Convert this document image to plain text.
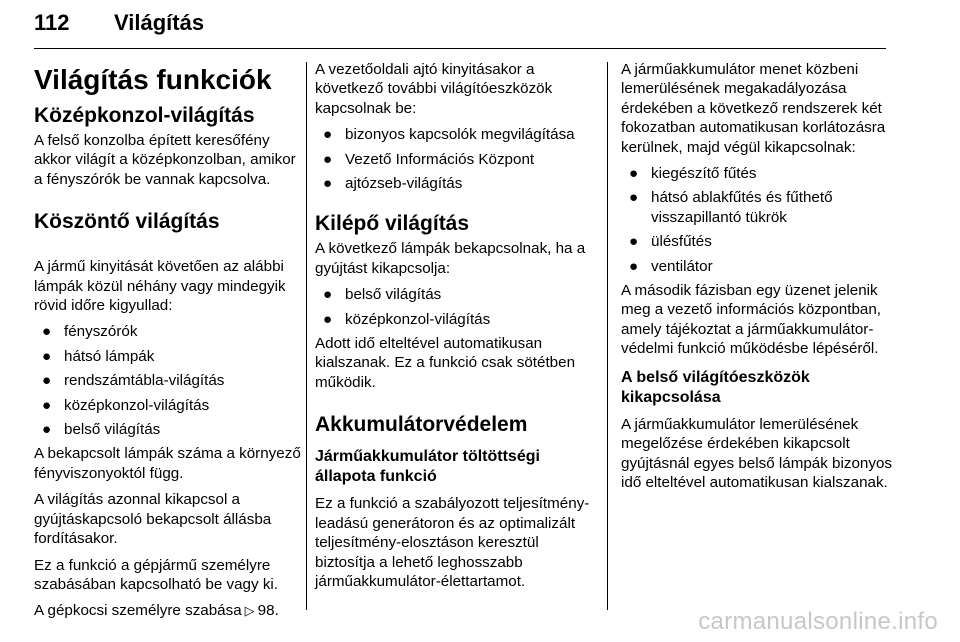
112 Világítás
Világítás funkciók
Középkonzol-világítás

A felső konzolba épített keresőfény akkor világít a középkonzolban, amikor a fényszórók be vannak kapcsolva.

Köszöntő világítás

A jármű kinyitását követően az alábbi lámpák közül néhány vagy mindegyik rövid időre kigyullad:

● fényszórók
● hátsó lámpák
● rendszámtábla-világítás
● középkonzol-világítás
● belső világítás

A bekapcsolt lámpák száma a környező fényviszonyoktól függ.

A világítás azonnal kikapcsol a gyújtáskapcsoló bekapcsolt állásba fordításakor.

Ez a funkció a gépjármű személyre szabásában kapcsolható be vagy ki.

A gépkocsi személyre szabása ▷ 98.

A vezetőoldali ajtó kinyitásakor a következő további világítóeszközök kapcsolnak be:

● bizonyos kapcsolók megvilágítása
● Vezető Információs Központ
● ajtózseb-világítás
Kilépő világítás

A következő lámpák bekapcsolnak, ha a gyújtást kikapcsolja:

● belső világítás
● középkonzol-világítás

Adott idő elteltével automatikusan kialszanak. Ez a funkció csak sötétben működik.

Akkumulátorvédelem
Járműakkumulátor töltöttségi állapota funkció

Ez a funkció a szabályozott teljesítmény-leadású generátoron és az optimalizált teljesítmény-elosztáson keresztül biztosítja a lehető leghosszabb járműakkumulátor-élettartamot.

A járműakkumulátor menet közbeni lemerülésének megakadályozása érdekében a következő rendszerek két fokozatban automatikusan korlátozásra kerülnek, majd végül kikapcsolnak:

● kiegészítő fűtés
● hátsó ablakfűtés és fűthető visszapillantó tükrök
● ülésfűtés
● ventilátor

A második fázisban egy üzenet jelenik meg a vezető információs központban, amely tájékoztat a járműakkumulátor-védelmi funkció működésbe lépéséről.

A belső világítóeszközök kikapcsolása

A járműakkumulátor lemerülésének megelőzése érdekében kikapcsolt gyújtásnál egyes belső lámpák bizonyos idő elteltével automatikusan kialszanak.

carmanualsonline.info
